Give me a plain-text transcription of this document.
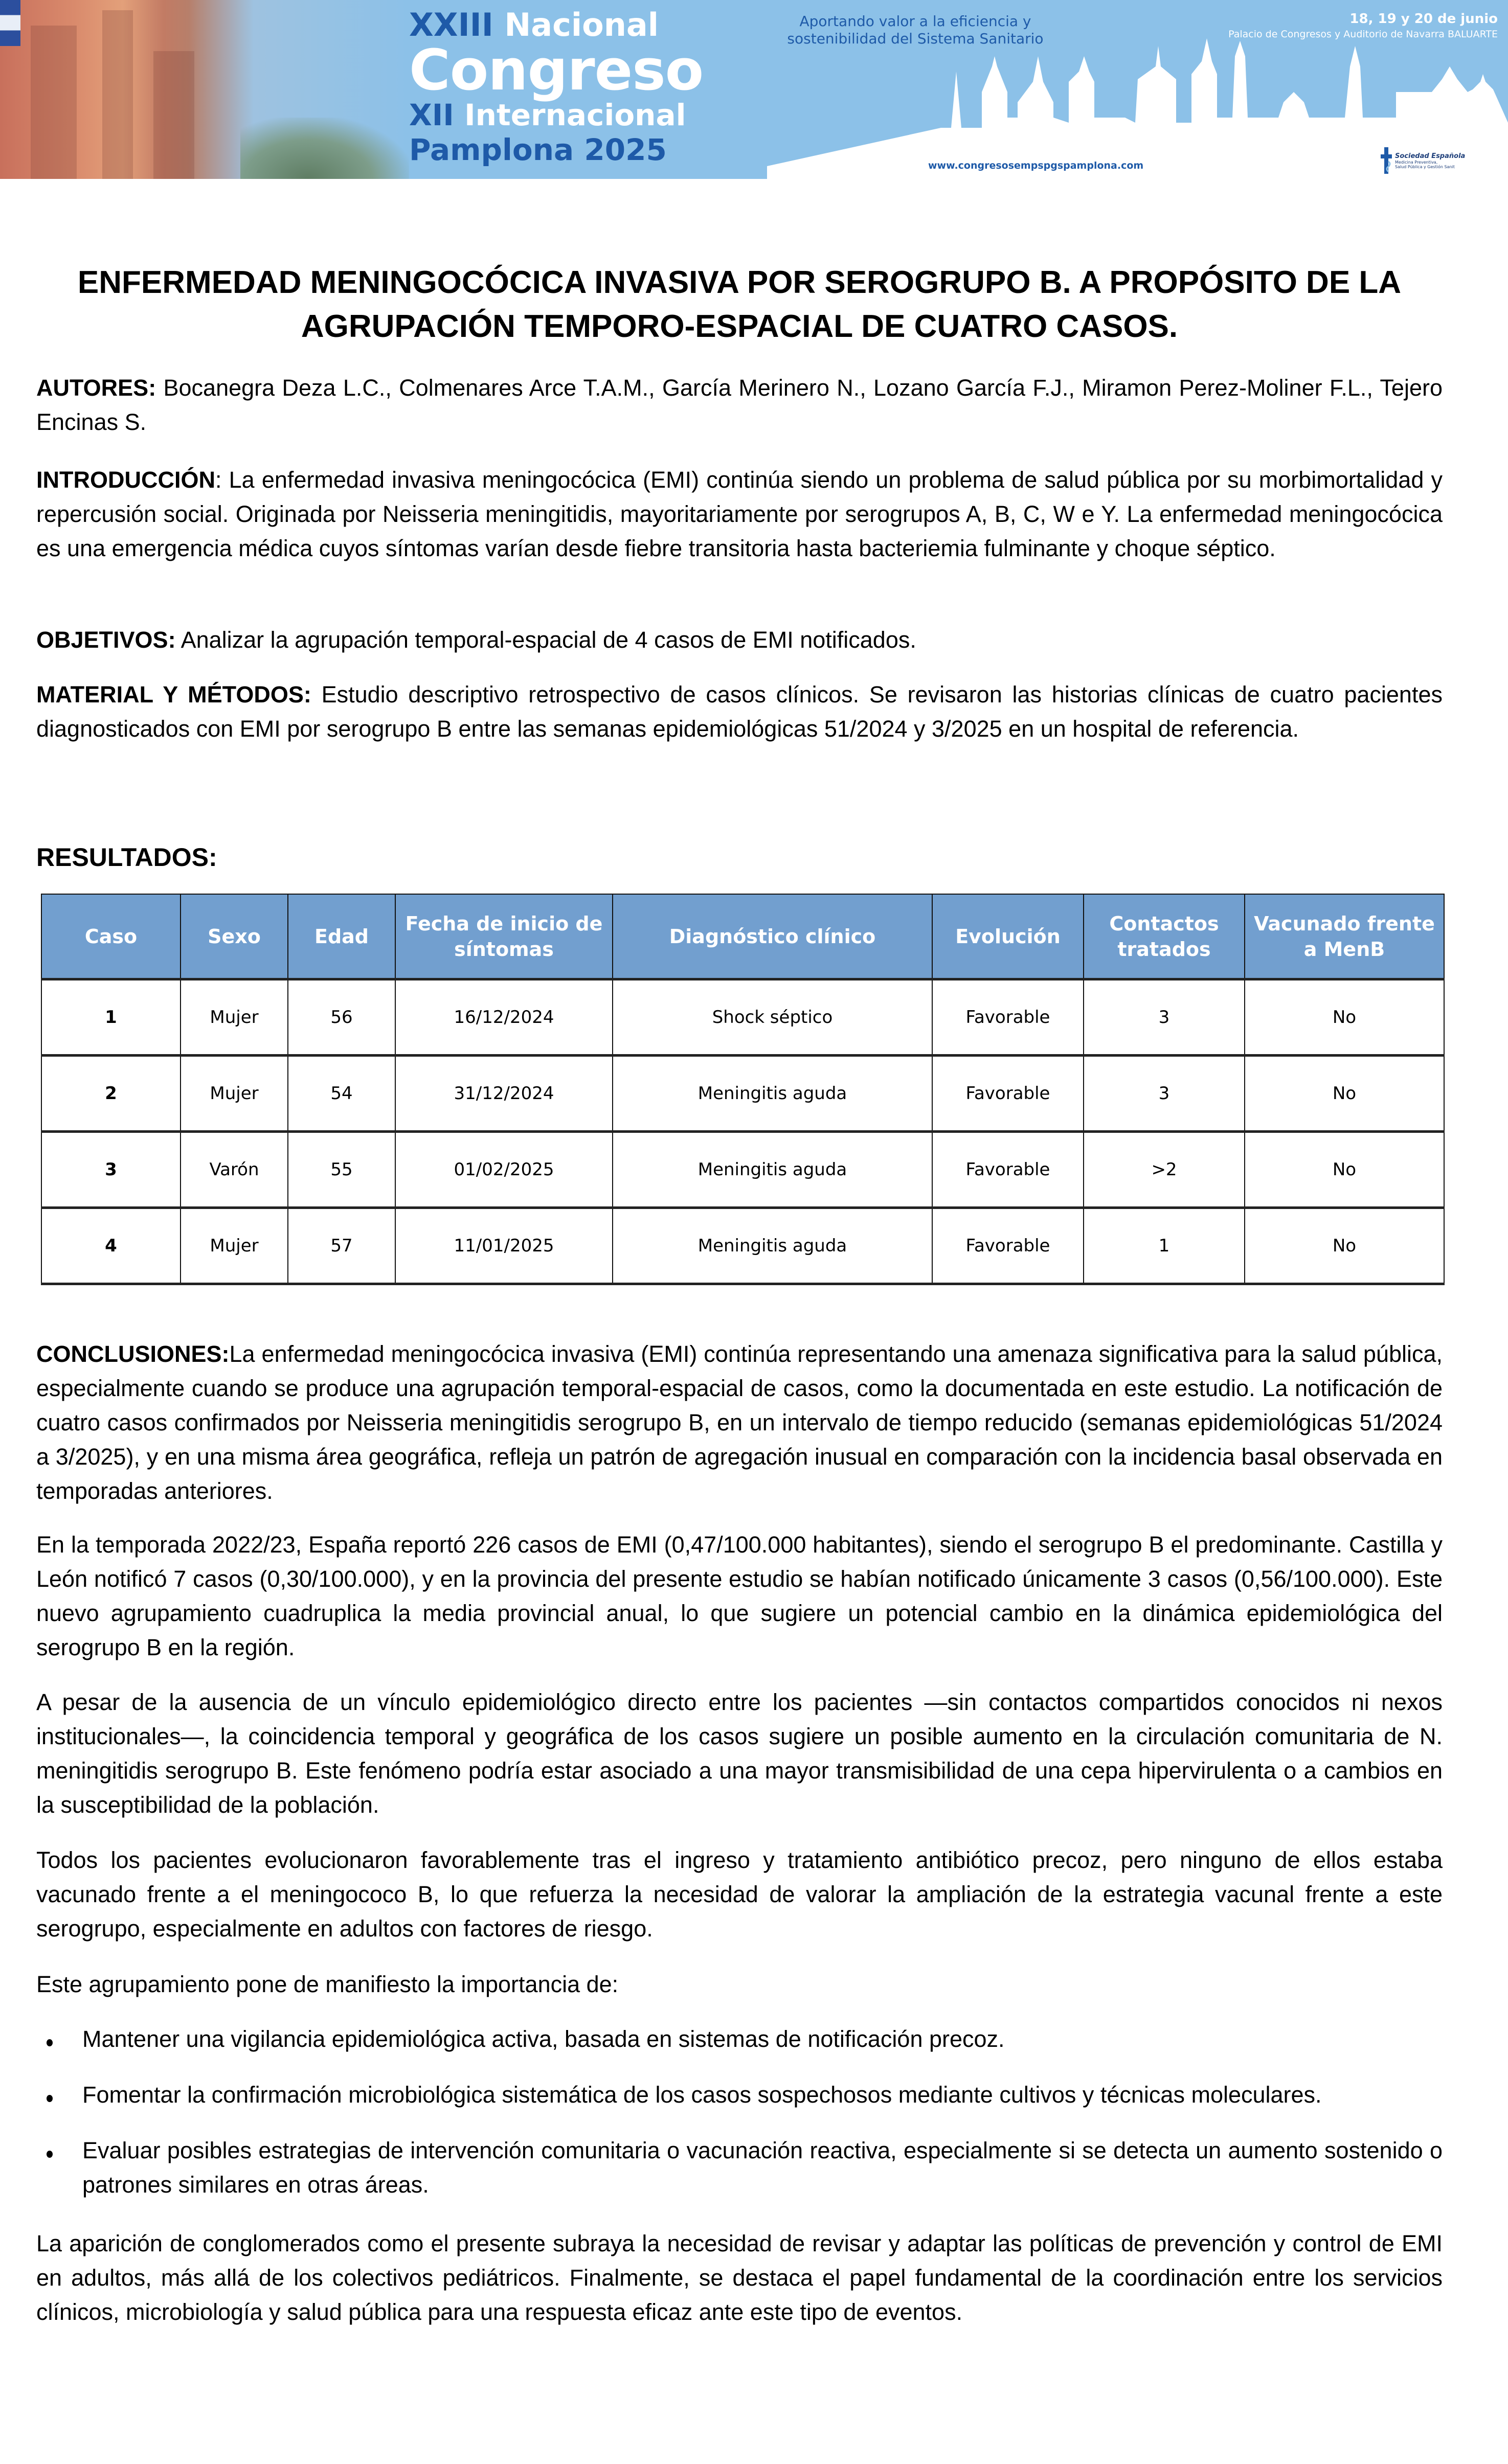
XXIII Nacional
Congreso
XII Internacional
Pamplona 2025
Aportando valor a la eficiencia y
sostenibilidad del Sistema Sanitario
18, 19 y 20 de junio
Palacio de Congresos y Auditorio de Navarra BALUARTE
www.congresosempspgspamplona.com
Sociedad Española
Medicina Preventiva,
Salud Pública y Gestión Sanit
ENFERMEDAD MENINGOCÓCICA INVASIVA POR SEROGRUPO B. A PROPÓSITO DE LA
AGRUPACIÓN TEMPORO-ESPACIAL DE CUATRO CASOS.
AUTORES: Bocanegra Deza L.C., Colmenares Arce T.A.M., García Merinero N., Lozano García F.J., Miramon Perez-Moliner F.L., Tejero Encinas S.
INTRODUCCIÓN: La enfermedad invasiva meningocócica (EMI) continúa siendo un problema de salud pública por su morbimortalidad y repercusión social. Originada por Neisseria meningitidis, mayoritariamente por serogrupos A, B, C, W e Y. La enfermedad meningocócica es una emergencia médica cuyos síntomas varían desde fiebre transitoria hasta bacteriemia fulminante y choque séptico.
OBJETIVOS: Analizar la agrupación temporal-espacial de 4 casos de EMI notificados.
MATERIAL Y MÉTODOS: Estudio descriptivo retrospectivo de casos clínicos. Se revisaron las historias clínicas de cuatro pacientes diagnosticados con EMI por serogrupo B entre las semanas epidemiológicas 51/2024 y 3/2025 en un hospital de referencia.
RESULTADOS:
Caso	Sexo	Edad	Fecha de inicio de síntomas	Diagnóstico clínico	Evolución	Contactos tratados	Vacunado frente a MenB
1	Mujer	56	16/12/2024	Shock séptico	Favorable	3	No
2	Mujer	54	31/12/2024	Meningitis aguda	Favorable	3	No
3	Varón	55	01/02/2025	Meningitis aguda	Favorable	>2	No
4	Mujer	57	11/01/2025	Meningitis aguda	Favorable	1	No
CONCLUSIONES:La enfermedad meningocócica invasiva (EMI) continúa representando una amenaza significativa para la salud pública, especialmente cuando se produce una agrupación temporal-espacial de casos, como la documentada en este estudio. La notificación de cuatro casos confirmados por Neisseria meningitidis serogrupo B, en un intervalo de tiempo reducido (semanas epidemiológicas 51/2024 a 3/2025), y en una misma área geográfica, refleja un patrón de agregación inusual en comparación con la incidencia basal observada en temporadas anteriores.
En la temporada 2022/23, España reportó 226 casos de EMI (0,47/100.000 habitantes), siendo el serogrupo B el predominante. Castilla y León notificó 7 casos (0,30/100.000), y en la provincia del presente estudio se habían notificado únicamente 3 casos (0,56/100.000). Este nuevo agrupamiento cuadruplica la media provincial anual, lo que sugiere un potencial cambio en la dinámica epidemiológica del serogrupo B en la región.
A pesar de la ausencia de un vínculo epidemiológico directo entre los pacientes —sin contactos compartidos conocidos ni nexos institucionales—, la coincidencia temporal y geográfica de los casos sugiere un posible aumento en la circulación comunitaria de N. meningitidis serogrupo B. Este fenómeno podría estar asociado a una mayor transmisibilidad de una cepa hipervirulenta o a cambios en la susceptibilidad de la población.
Todos los pacientes evolucionaron favorablemente tras el ingreso y tratamiento antibiótico precoz, pero ninguno de ellos estaba vacunado frente a el meningococo B, lo que refuerza la necesidad de valorar la ampliación de la estrategia vacunal frente a este serogrupo, especialmente en adultos con factores de riesgo.
Este agrupamiento pone de manifiesto la importancia de:
Mantener una vigilancia epidemiológica activa, basada en sistemas de notificación precoz.
Fomentar la confirmación microbiológica sistemática de los casos sospechosos mediante cultivos y técnicas moleculares.
Evaluar posibles estrategias de intervención comunitaria o vacunación reactiva, especialmente si se detecta un aumento sostenido o patrones similares en otras áreas.
La aparición de conglomerados como el presente subraya la necesidad de revisar y adaptar las políticas de prevención y control de EMI en adultos, más allá de los colectivos pediátricos. Finalmente, se destaca el papel fundamental de la coordinación entre los servicios clínicos, microbiología y salud pública para una respuesta eficaz ante este tipo de eventos.
